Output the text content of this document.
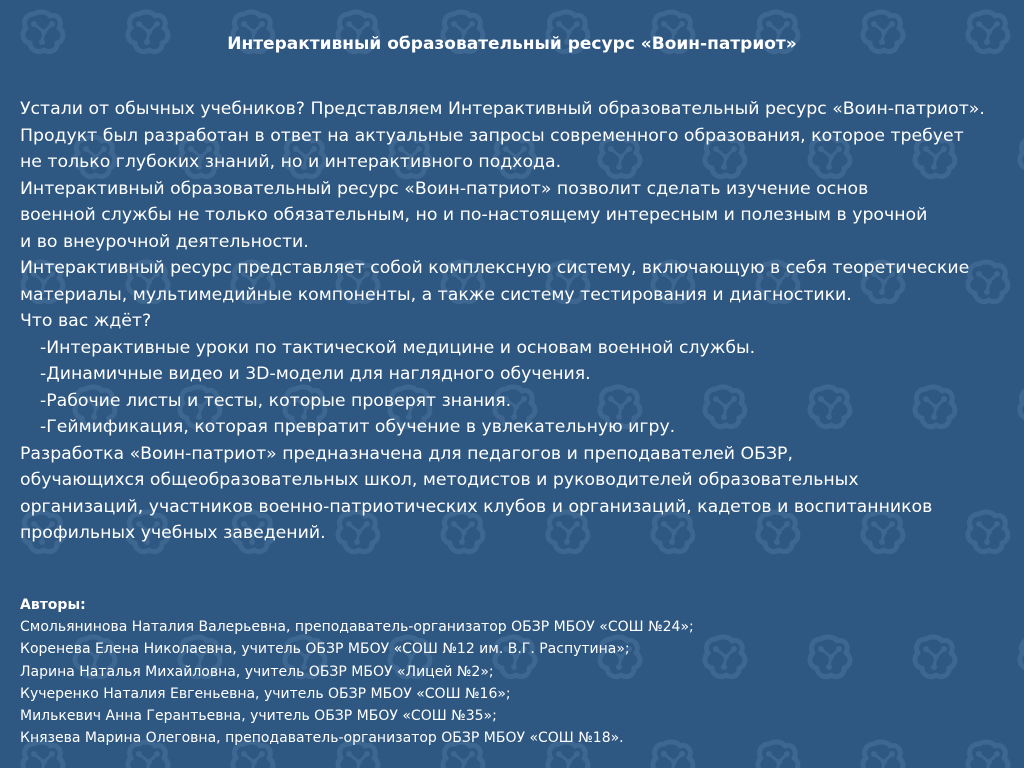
Интерактивный образовательный ресурс «Воин-патриот»
Устали от обычных учебников? Представляем Интерактивный образовательный ресурс «Воин-патриот».
Продукт был разработан в ответ на актуальные запросы современного образования, которое требует
не только глубоких знаний, но и интерактивного подхода.
Интерактивный образовательный ресурс «Воин-патриот» позволит сделать изучение основ
военной службы не только обязательным, но и по-настоящему интересным и полезным в урочной
и во внеурочной деятельности.
Интерактивный ресурс представляет собой комплексную систему, включающую в себя теоретические
материалы, мультимедийные компоненты, а также систему тестирования и диагностики.
Что вас ждёт?
-Интерактивные уроки по тактической медицине и основам военной службы.
-Динамичные видео и 3D-модели для наглядного обучения.
-Рабочие листы и тесты, которые проверят знания.
-Геймификация, которая превратит обучение в увлекательную игру.
Разработка «Воин-патриот» предназначена для педагогов и преподавателей ОБЗР,
обучающихся общеобразовательных школ, методистов и руководителей образовательных
организаций, участников военно-патриотических клубов и организаций, кадетов и воспитанников
профильных учебных заведений.
Авторы:
Смольянинова Наталия Валерьевна, преподаватель-организатор ОБЗР МБОУ «СОШ №24»;
Коренева Елена Николаевна, учитель ОБЗР МБОУ «СОШ №12 им. В.Г. Распутина»;
Ларина Наталья Михайловна, учитель ОБЗР МБОУ «Лицей №2»;
Кучеренко Наталия Евгеньевна, учитель ОБЗР МБОУ «СОШ №16»;
Милькевич Анна Герантьевна, учитель ОБЗР МБОУ «СОШ №35»;
Князева Марина Олеговна, преподаватель-организатор ОБЗР МБОУ «СОШ №18».
